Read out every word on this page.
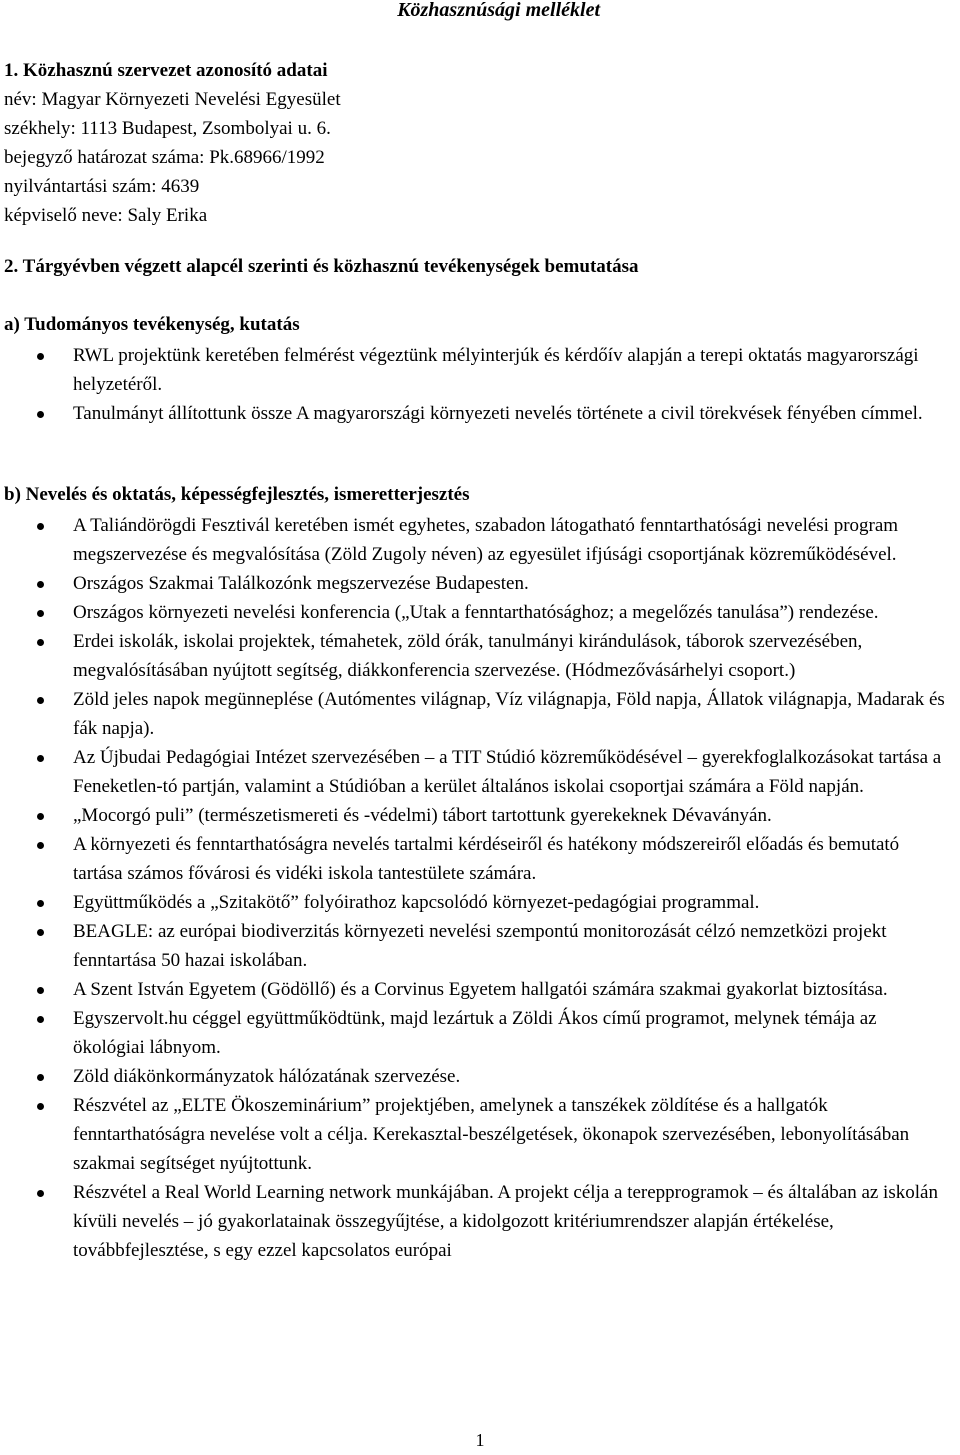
Közhasznúsági melléklet
1. Közhasznú szervezet azonosító adatai
név: Magyar Környezeti Nevelési Egyesület
székhely: 1113 Budapest, Zsombolyai u. 6.
bejegyző határozat száma: Pk.68966/1992
nyilvántartási szám: 4639
képviselő neve: Saly Erika
2. Tárgyévben végzett alapcél szerinti és közhasznú tevékenységek bemutatása
a) Tudományos tevékenység, kutatás
RWL projektünk keretében felmérést végeztünk mélyinterjúk és kérdőív alapján a terepi oktatás magyarországi helyzetéről.
Tanulmányt állítottunk össze A magyarországi környezeti nevelés története a civil törekvések fényében címmel.
b) Nevelés és oktatás, képességfejlesztés, ismeretterjesztés
A Taliándörögdi Fesztivál keretében ismét egyhetes, szabadon látogatható fenntarthatósági nevelési program megszervezése és megvalósítása (Zöld Zugoly néven) az egyesület ifjúsági csoportjának közreműködésével.
Országos Szakmai Találkozónk megszervezése Budapesten.
Országos környezeti nevelési konferencia („Utak a fenntarthatósághoz; a megelőzés tanulása”) rendezése.
Erdei iskolák, iskolai projektek, témahetek, zöld órák, tanulmányi kirándulások, táborok szervezésében, megvalósításában nyújtott segítség, diákkonferencia szervezése. (Hódmezővásárhelyi csoport.)
Zöld jeles napok megünneplése (Autómentes világnap, Víz világnapja, Föld napja, Állatok világnapja, Madarak és fák napja).
Az Újbudai Pedagógiai Intézet szervezésében – a TIT Stúdió közreműködésével – gyerekfoglalkozásokat tartása a Feneketlen-tó partján, valamint a Stúdióban a kerület általános iskolai csoportjai számára a Föld napján.
„Mocorgó puli” (természetismereti és -védelmi) tábort tartottunk gyerekeknek Dévaványán.
A környezeti és fenntarthatóságra nevelés tartalmi kérdéseiről és hatékony módszereiről előadás és bemutató tartása számos fővárosi és vidéki iskola tantestülete számára.
Együttműködés a „Szitakötő” folyóirathoz kapcsolódó környezet-pedagógiai programmal.
BEAGLE: az európai biodiverzitás környezeti nevelési szempontú monitorozását célzó nemzetközi projekt fenntartása 50 hazai iskolában.
A Szent István Egyetem (Gödöllő) és a Corvinus Egyetem hallgatói számára szakmai gyakorlat biztosítása.
Egyszervolt.hu céggel együttműködtünk, majd lezártuk a Zöldi Ákos című programot, melynek témája az ökológiai lábnyom.
Zöld diákönkormányzatok hálózatának szervezése.
Részvétel az „ELTE Ökoszeminárium” projektjében, amelynek a tanszékek zöldítése és a hallgatók fenntarthatóságra nevelése volt a célja. Kerekasztal-beszélgetések, ökonapok szervezésében, lebonyolításában szakmai segítséget nyújtottunk.
Részvétel a Real World Learning network munkájában. A projekt célja a terepprogramok – és általában az iskolán kívüli nevelés – jó gyakorlatainak összegyűjtése, a kidolgozott kritériumrendszer alapján értékelése, továbbfejlesztése, s egy ezzel kapcsolatos európai
1
